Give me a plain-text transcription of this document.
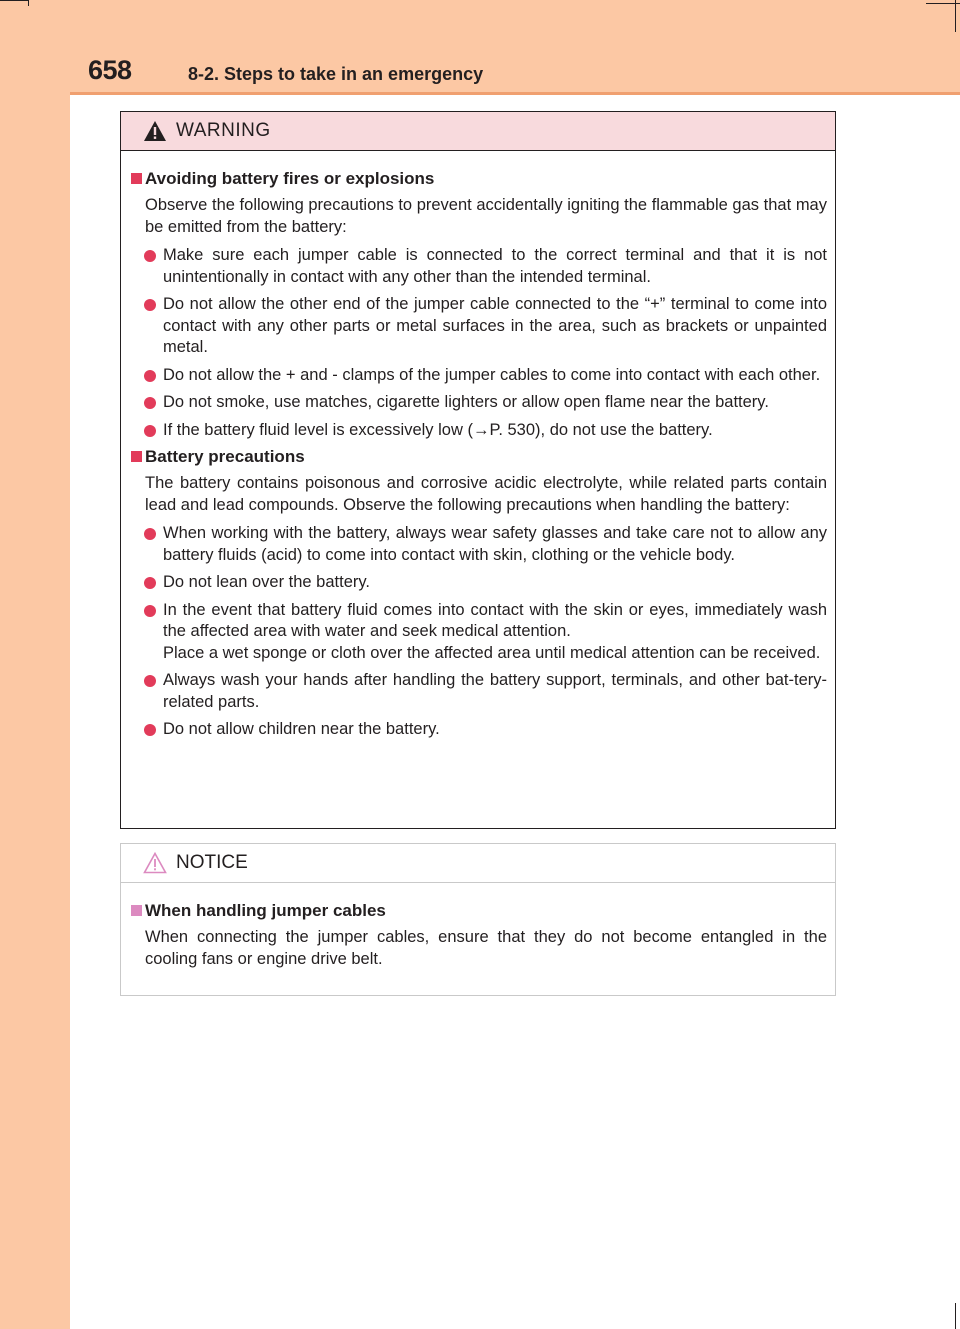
658	8-2. Steps to take in an emergency
WARNING
Avoiding battery fires or explosions

Observe the following precautions to prevent accidentally igniting the flammable gas that may be emitted from the battery:

Make sure each jumper cable is connected to the correct terminal and that it is not unintentionally in contact with any other than the intended terminal.
Do not allow the other end of the jumper cable connected to the “+” terminal to come into contact with any other parts or metal surfaces in the area, such as brackets or unpainted metal.
Do not allow the + and - clamps of the jumper cables to come into contact with each other.
Do not smoke, use matches, cigarette lighters or allow open flame near the battery.
If the battery fluid level is excessively low (→P. 530), do not use the battery.
Battery precautions

The battery contains poisonous and corrosive acidic electrolyte, while related parts contain lead and lead compounds. Observe the following precautions when handling the battery:

When working with the battery, always wear safety glasses and take care not to allow any battery fluids (acid) to come into contact with skin, clothing or the vehicle body.
Do not lean over the battery.
In the event that battery fluid comes into contact with the skin or eyes, immediately wash the affected area with water and seek medical attention.
Place a wet sponge or cloth over the affected area until medical attention can be received.
Always wash your hands after handling the battery support, terminals, and other bat-tery-related parts.
Do not allow children near the battery.
NOTICE
When handling jumper cables

When connecting the jumper cables, ensure that they do not become entangled in the cooling fans or engine drive belt.
